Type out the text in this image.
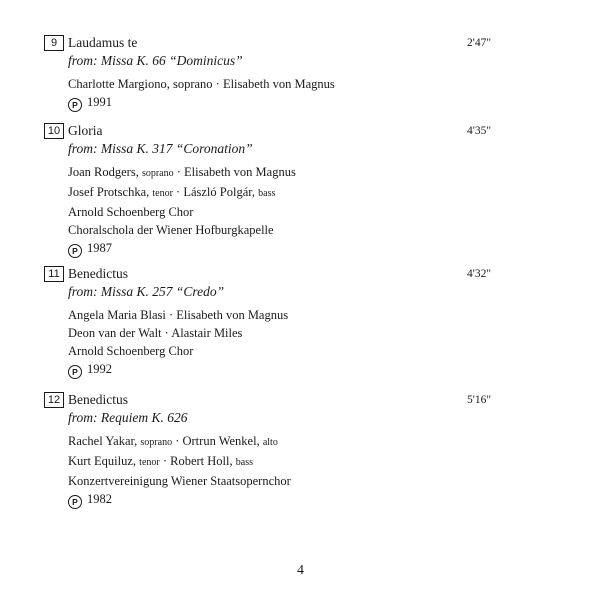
9 Laudamus te	2'47"
from: Missa K. 66 “Dominicus”
Charlotte Margiono, soprano · Elisabeth von Magnus
P 1991
10 Gloria	4'35"
from: Missa K. 317 “Coronation”
Joan Rodgers, soprano · Elisabeth von Magnus
Josef Protschka, tenor · László Polgár, bass
Arnold Schoenberg Chor
Choralschola der Wiener Hofburgkapelle
P 1987
11 Benedictus	4'32"
from: Missa K. 257 “Credo”
Angela Maria Blasi · Elisabeth von Magnus
Deon van der Walt · Alastair Miles
Arnold Schoenberg Chor
P 1992
12 Benedictus	5'16"
from: Requiem K. 626
Rachel Yakar, soprano · Ortrun Wenkel, alto
Kurt Equiluz, tenor · Robert Holl, bass
Konzertvereinigung Wiener Staatsopernchor
P 1982
4
